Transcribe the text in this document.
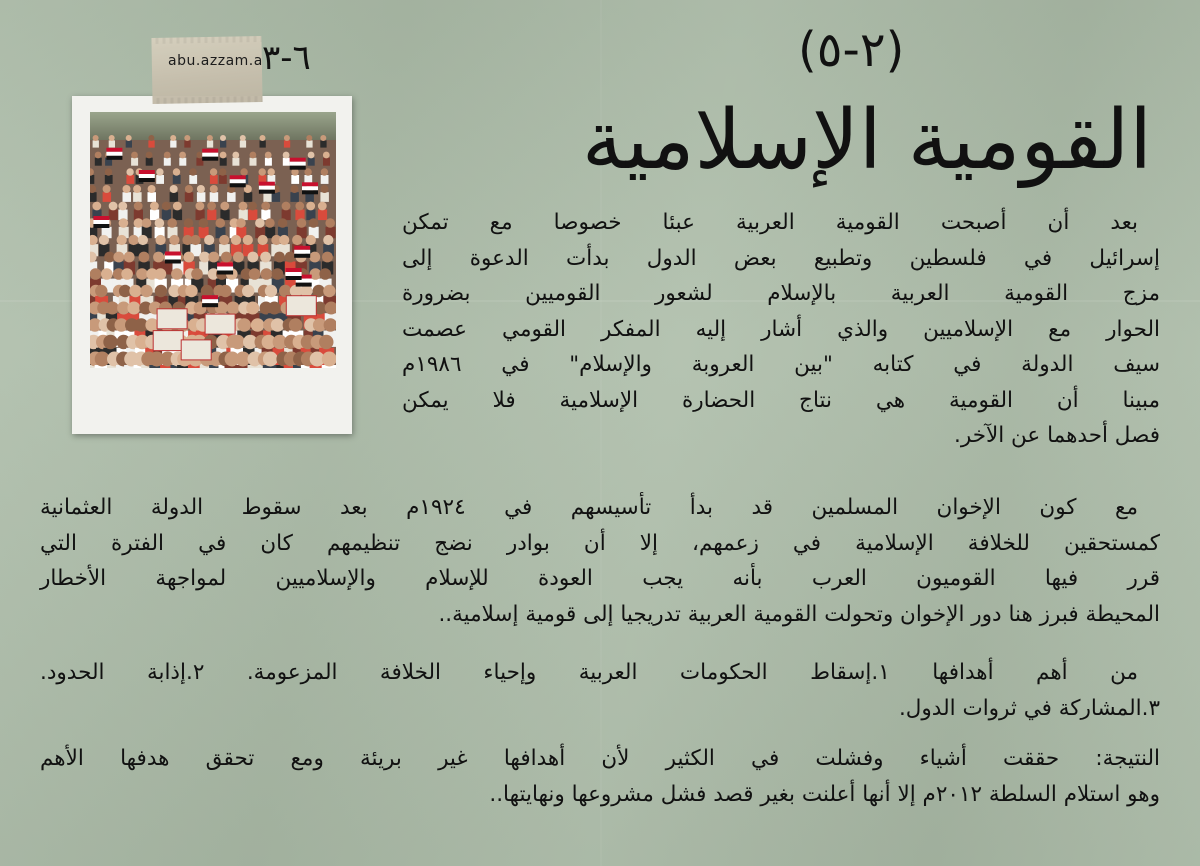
abu.azzam.a ٦-٣	(٢-٥)
القومية الإسلامية
بعد أن أصبحت القومية العربية عبئا خصوصا مع تمكن
إسرائيل في فلسطين وتطبيع بعض الدول بدأت الدعوة إلى
مزج القومية العربية بالإسلام لشعور القوميين بضرورة
الحوار مع الإسلاميين والذي أشار إليه المفكر القومي عصمت
سيف الدولة في كتابه "بين العروبة والإسلام" في ١٩٨٦م
مبينا أن القومية هي نتاج الحضارة الإسلامية فلا يمكن
فصل أحدهما عن الآخر.
مع كون الإخوان المسلمين قد بدأ تأسيسهم في ١٩٢٤م بعد سقوط الدولة العثمانية
كمستحقين للخلافة الإسلامية في زعمهم، إلا أن بوادر نضج تنظيمهم كان في الفترة التي
قرر فيها القوميون العرب بأنه يجب العودة للإسلام والإسلاميين لمواجهة الأخطار
المحيطة فبرز هنا دور الإخوان وتحولت القومية العربية تدريجيا إلى قومية إسلامية..
من أهم أهدافها ١.إسقاط الحكومات العربية وإحياء الخلافة المزعومة. ٢.إذابة الحدود.
٣.المشاركة في ثروات الدول.
النتيجة: حققت أشياء وفشلت في الكثير لأن أهدافها غير بريئة ومع تحقق هدفها الأهم
وهو استلام السلطة ٢٠١٢م إلا أنها أعلنت بغير قصد فشل مشروعها ونهايتها..
